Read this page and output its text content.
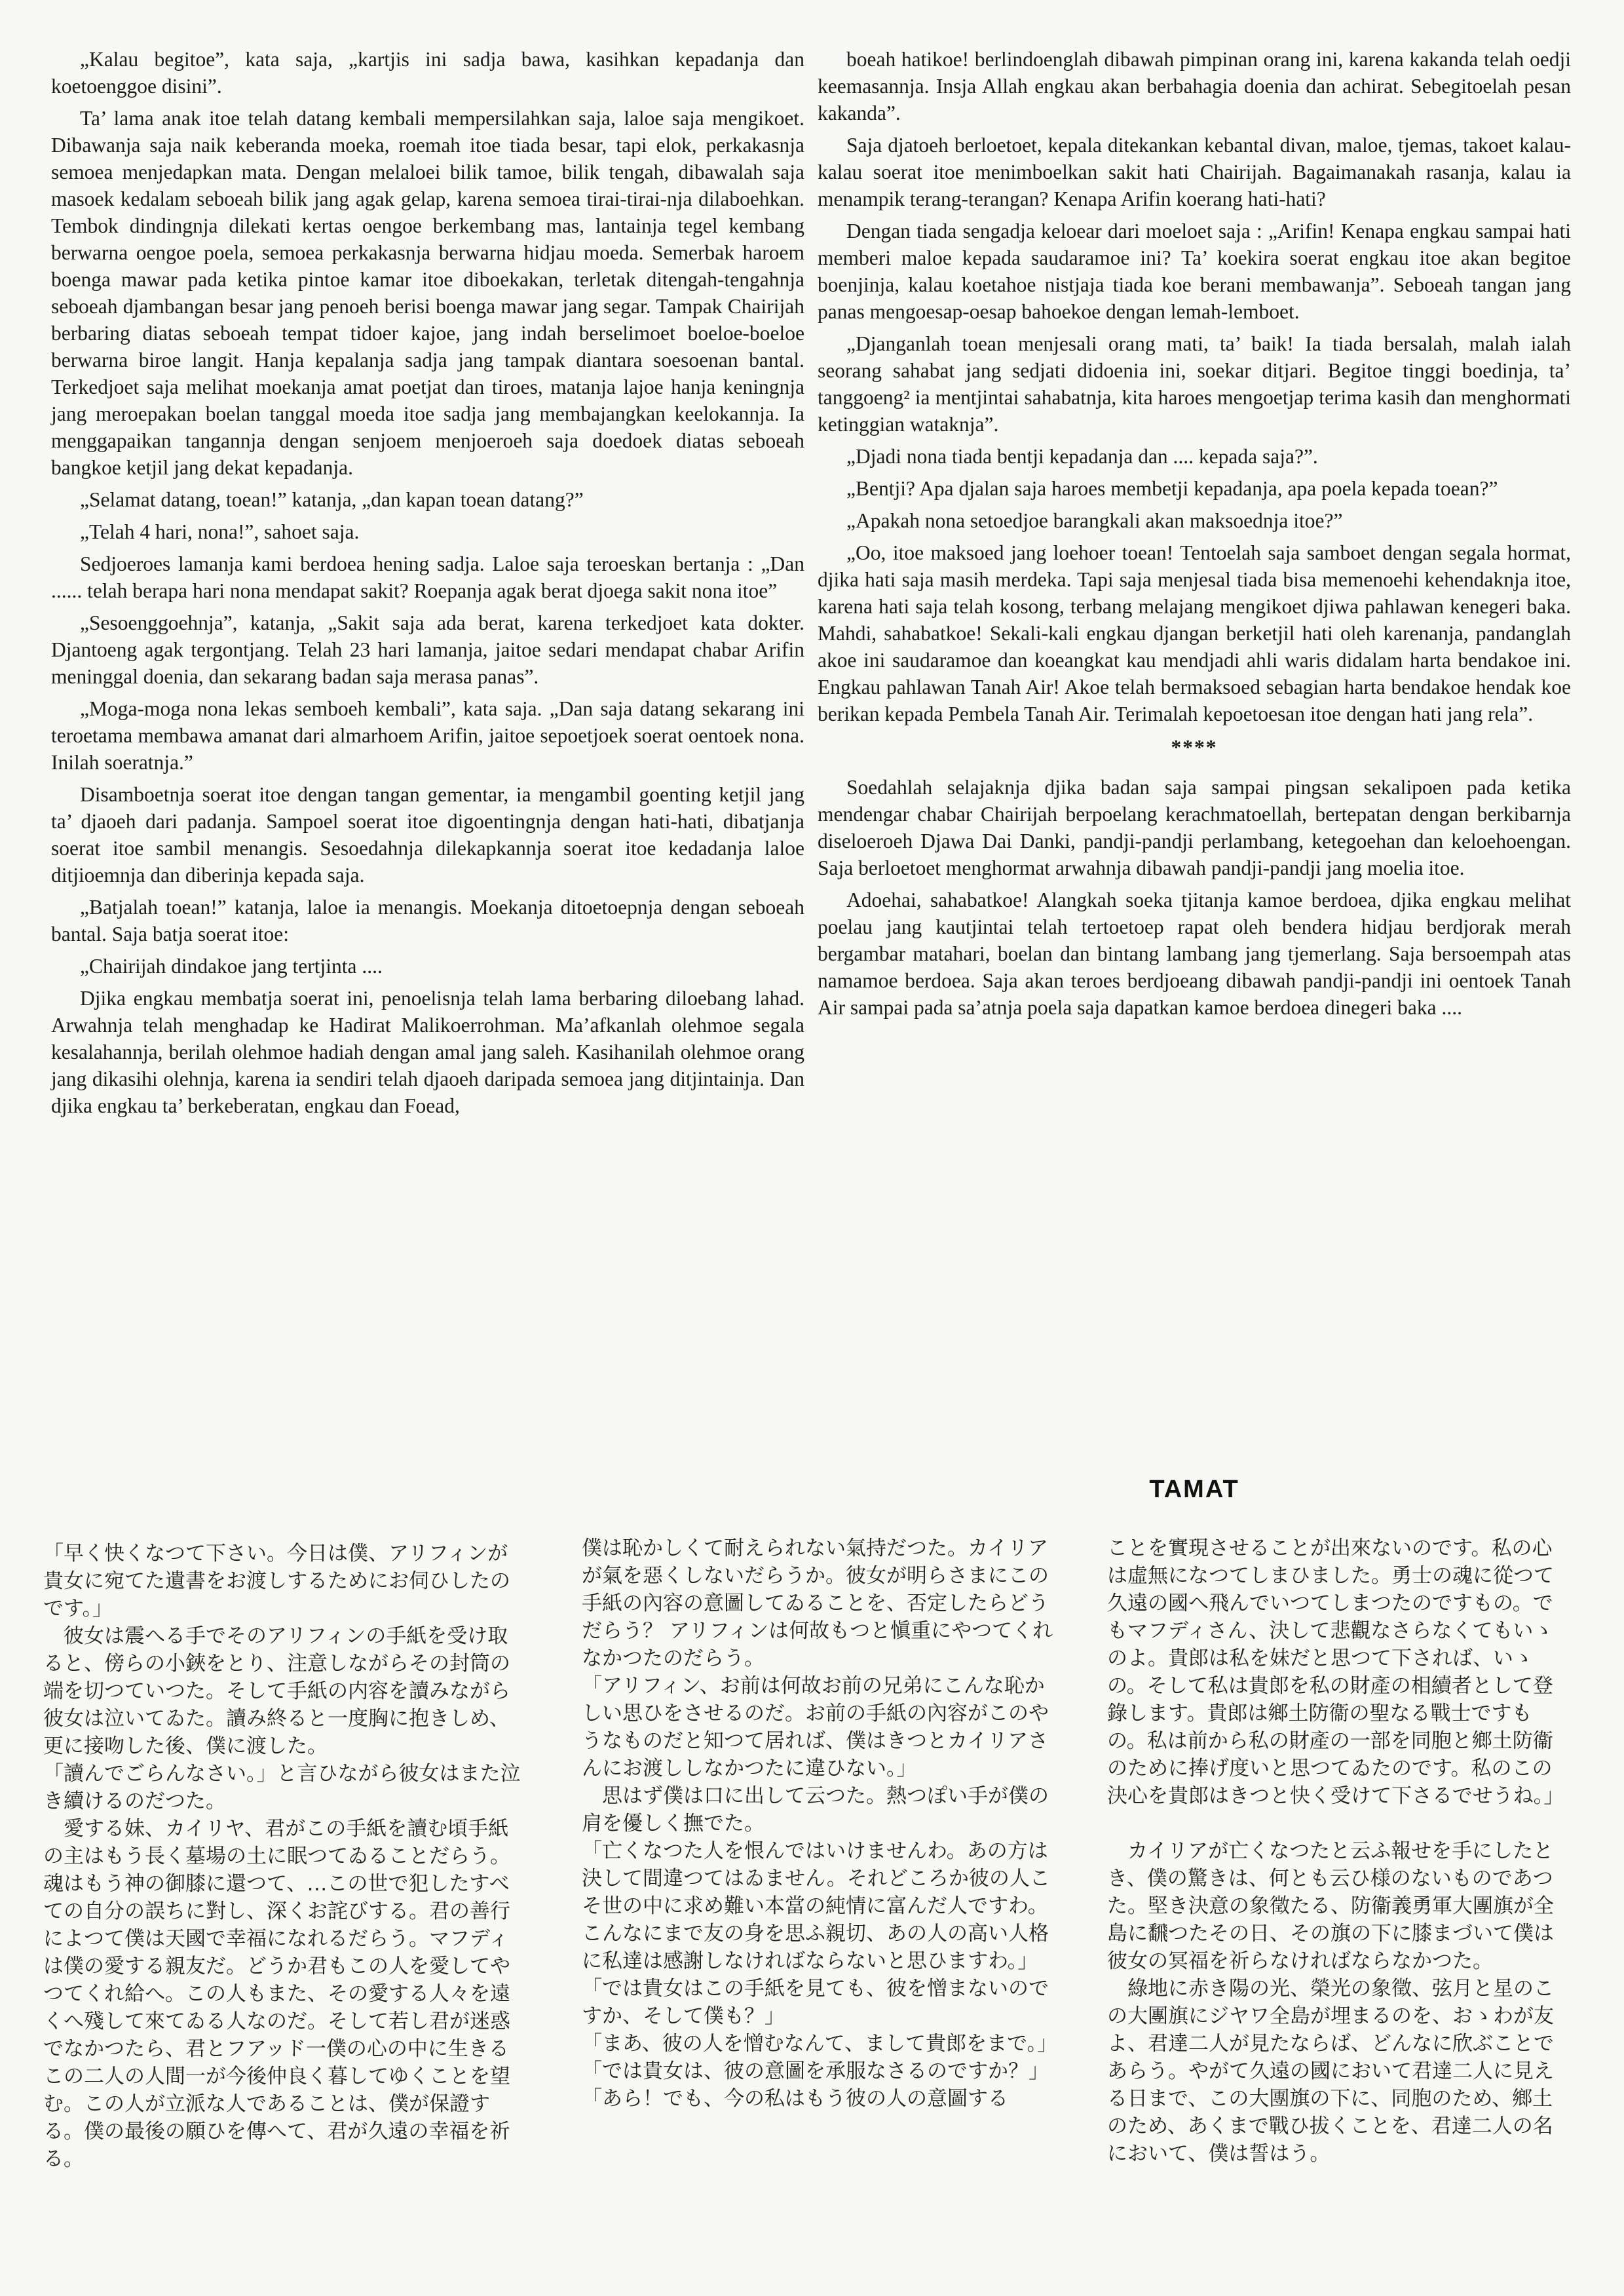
„Kalau begitoe”, kata saja, „kartjis ini sadja bawa, kasihkan kepadanja dan koetoenggoe disini”.

Ta’ lama anak itoe telah datang kembali mempersilahkan saja, laloe saja mengikoet. Dibawanja saja naik keberanda moeka, roemah itoe tiada besar, tapi elok, perkakasnja semoea menjedapkan mata. Dengan melaloei bilik tamoe, bilik tengah, dibawalah saja masoek kedalam seboeah bilik jang agak gelap, karena semoea tirai-tirai-nja dilaboehkan. Tembok dindingnja dilekati kertas oengoe berkembang mas, lantainja tegel kembang berwarna oengoe poela, semoea perkakasnja berwarna hidjau moeda. Semerbak haroem boenga mawar pada ketika pintoe kamar itoe diboekakan, terletak ditengah-tengahnja seboeah djambangan besar jang penoeh berisi boenga mawar jang segar. Tampak Chairijah berbaring diatas seboeah tempat tidoer kajoe, jang indah berselimoet boeloe-boeloe berwarna biroe langit. Hanja kepalanja sadja jang tampak diantara soesoenan bantal. Terkedjoet saja melihat moekanja amat poetjat dan tiroes, matanja lajoe hanja keningnja jang meroepakan boelan tanggal moeda itoe sadja jang membajangkan keelokannja. Ia menggapaikan tangannja dengan senjoem menjoeroeh saja doedoek diatas seboeah bangkoe ketjil jang dekat kepadanja.

„Selamat datang, toean!” katanja, „dan kapan toean datang?”

„Telah 4 hari, nona!”, sahoet saja.

Sedjoeroes lamanja kami berdoea hening sadja. Laloe saja teroeskan bertanja : „Dan ...... telah berapa hari nona mendapat sakit? Roepanja agak berat djoega sakit nona itoe”

„Sesoenggoehnja”, katanja, „Sakit saja ada berat, karena terkedjoet kata dokter. Djantoeng agak tergontjang. Telah 23 hari lamanja, jaitoe sedari mendapat chabar Arifin meninggal doenia, dan sekarang badan saja merasa panas”.

„Moga-moga nona lekas semboeh kembali”, kata saja. „Dan saja datang sekarang ini teroetama membawa amanat dari almarhoem Arifin, jaitoe sepoetjoek soerat oentoek nona. Inilah soeratnja.”

Disamboetnja soerat itoe dengan tangan gementar, ia mengambil goenting ketjil jang ta’ djaoeh dari padanja. Sampoel soerat itoe digoentingnja dengan hati-hati, dibatjanja soerat itoe sambil menangis. Sesoedahnja dilekapkannja soerat itoe kedadanja laloe ditjioemnja dan diberinja kepada saja.

„Batjalah toean!” katanja, laloe ia menangis. Moekanja ditoetoepnja dengan seboeah bantal. Saja batja soerat itoe:

„Chairijah dindakoe jang tertjinta ....

Djika engkau membatja soerat ini, penoelisnja telah lama berbaring diloebang lahad. Arwahnja telah menghadap ke Hadirat Malikoerrohman. Ma’afkanlah olehmoe segala kesalahannja, berilah olehmoe hadiah dengan amal jang saleh. Kasihanilah olehmoe orang jang dikasihi olehnja, karena ia sendiri telah djaoeh daripada semoea jang ditjintainja. Dan djika engkau ta’ berkeberatan, engkau dan Foead,

boeah hatikoe! berlindoenglah dibawah pimpinan orang ini, karena kakanda telah oedji keemasannja. Insja Allah engkau akan berbahagia doenia dan achirat. Sebegitoelah pesan kakanda”.

Saja djatoeh berloetoet, kepala ditekankan kebantal divan, maloe, tjemas, takoet kalau-kalau soerat itoe menimboelkan sakit hati Chairijah. Bagaimanakah rasanja, kalau ia menampik terang-terangan? Kenapa Arifin koerang hati-hati?

Dengan tiada sengadja keloear dari moeloet saja : „Arifin! Kenapa engkau sampai hati memberi maloe kepada saudaramoe ini? Ta’ koekira soerat engkau itoe akan begitoe boenjinja, kalau koetahoe nistjaja tiada koe berani membawanja”. Seboeah tangan jang panas mengoesap-oesap bahoekoe dengan lemah-lemboet.

„Djanganlah toean menjesali orang mati, ta’ baik! Ia tiada bersalah, malah ialah seorang sahabat jang sedjati didoenia ini, soekar ditjari. Begitoe tinggi boedinja, ta’ tanggoeng² ia mentjintai sahabatnja, kita haroes mengoetjap terima kasih dan menghormati ketinggian wataknja”.

„Djadi nona tiada bentji kepadanja dan .... kepada saja?”.

„Bentji? Apa djalan saja haroes membetji kepadanja, apa poela kepada toean?”

„Apakah nona setoedjoe barangkali akan maksoednja itoe?”

„Oo, itoe maksoed jang loehoer toean! Tentoelah saja samboet dengan segala hormat, djika hati saja masih merdeka. Tapi saja menjesal tiada bisa memenoehi kehendaknja itoe, karena hati saja telah kosong, terbang melajang mengikoet djiwa pahlawan kenegeri baka. Mahdi, sahabatkoe! Sekali-kali engkau djangan berketjil hati oleh karenanja, pandanglah akoe ini saudaramoe dan koeangkat kau mendjadi ahli waris didalam harta bendakoe ini. Engkau pahlawan Tanah Air! Akoe telah bermaksoed sebagian harta bendakoe hendak koe berikan kepada Pembela Tanah Air. Terimalah kepoetoesan itoe dengan hati jang rela”.

****

Soedahlah selajaknja djika badan saja sampai pingsan sekalipoen pada ketika mendengar chabar Chairijah berpoelang kerachmatoellah, bertepatan dengan berkibarnja diseloeroeh Djawa Dai Danki, pandji-pandji perlambang, ketegoehan dan keloehoengan. Saja berloetoet menghormat arwahnja dibawah pandji-pandji jang moelia itoe.

Adoehai, sahabatkoe! Alangkah soeka tjitanja kamoe berdoea, djika engkau melihat poelau jang kautjintai telah tertoetoep rapat oleh bendera hidjau berdjorak merah bergambar matahari, boelan dan bintang lambang jang tjemerlang. Saja bersoempah atas namamoe berdoea. Saja akan teroes berdjoeang dibawah pandji-pandji ini oentoek Tanah Air sampai pada sa’atnja poela saja dapatkan kamoe berdoea dinegeri baka ....

TAMAT

「早く快くなつて下さい。今日は僕、アリフィンが貴女に宛てた遺書をお渡しするためにお伺ひしたのです。」

彼女は震へる手でそのアリフィンの手紙を受け取ると、傍らの小鋏をとり、注意しながらその封筒の端を切つていつた。そして手紙の内容を讀みながら彼女は泣いてゐた。讀み終ると一度胸に抱きしめ、更に接吻した後、僕に渡した。

「讀んでごらんなさい。」と言ひながら彼女はまた泣き續けるのだつた。

愛する妹、カイリヤ、君がこの手紙を讀む頃手紙の主はもう長く墓場の土に眠つてゐることだらう。魂はもう神の御膝に還つて、…この世で犯したすべての自分の誤ちに對し、深くお詫びする。君の善行によつて僕は天國で幸福になれるだらう。マフディは僕の愛する親友だ。どうか君もこの人を愛してやつてくれ給へ。この人もまた、その愛する人々を遠くへ殘して來てゐる人なのだ。そして若し君が迷惑でなかつたら、君とフアッド一僕の心の中に生きるこの二人の人間一が今後仲良く暮してゆくことを望む。この人が立派な人であることは、僕が保證する。僕の最後の願ひを傳へて、君が久遠の幸福を祈る。

僕は恥かしくて耐えられない氣持だつた。カイリアが氣を惡くしないだらうか。彼女が明らさまにこの手紙の內容の意圖してゐることを、否定したらどうだらう？ アリフィンは何故もつと愼重にやつてくれなかつたのだらう。

「アリフィン、お前は何故お前の兄弟にこんな恥かしい思ひをさせるのだ。お前の手紙の內容がこのやうなものだと知つて居れば、僕はきつとカイリアさんにお渡ししなかつたに違ひない。」

思はず僕は口に出して云つた。熱つぽい手が僕の肩を優しく撫でた。

「亡くなつた人を恨んではいけませんわ。あの方は決して間違つてはゐません。それどころか彼の人こそ世の中に求め難い本當の純情に富んだ人ですわ。こんなにまで友の身を思ふ親切、あの人の高い人格に私達は感謝しなければならないと思ひますわ。」

「では貴女はこの手紙を見ても、彼を憎まないのですか、そして僕も？」

「まあ、彼の人を憎むなんて、まして貴郎をまで。」

「では貴女は、彼の意圖を承服なさるのですか？」

「あら！でも、今の私はもう彼の人の意圖する

ことを實現させることが出來ないのです。私の心は虛無になつてしまひました。勇士の魂に從つて久遠の國へ飛んでいつてしまつたのですもの。でもマフディさん、決して悲觀なさらなくてもいゝのよ。貴郎は私を妹だと思つて下されば、いゝの。そして私は貴郎を私の財產の相續者として登錄します。貴郎は鄉土防衞の聖なる戰士ですもの。私は前から私の財產の一部を同胞と鄉土防衞のために捧げ度いと思つてゐたのです。私のこの決心を貴郎はきつと快く受けて下さるでせうね。」

カイリアが亡くなつたと云ふ報せを手にしたとき、僕の驚きは、何とも云ひ様のないものであつた。堅き決意の象徵たる、防衞義勇軍大團旗が全島に飜つたその日、その旗の下に膝まづいて僕は彼女の冥福を祈らなければならなかつた。

綠地に赤き陽の光、榮光の象徵、弦月と星のこの大團旗にジヤワ全島が埋まるのを、おゝわが友よ、君達二人が見たならば、どんなに欣ぶことであらう。やがて久遠の國において君達二人に見える日まで、この大團旗の下に、同胞のため、鄉土のため、あくまで戰ひ拔くことを、君達二人の名において、僕は誓はう。
